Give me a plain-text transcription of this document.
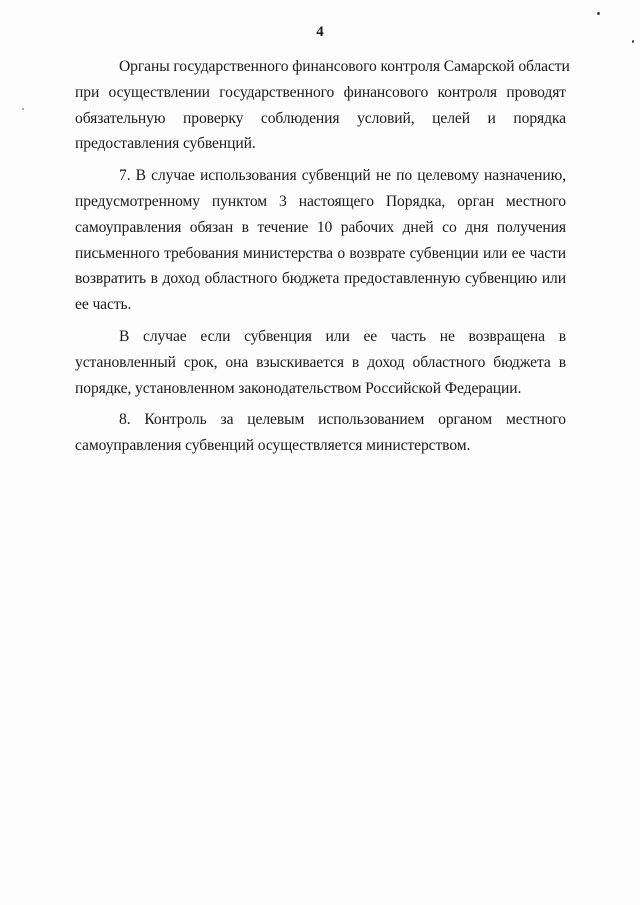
4

Органы государственного финансового контроля Самарской области
при осуществлении государственного финансового контроля проводят
обязательную проверку соблюдения условий, целей и порядка
предоставления субвенций.

7. В случае использования субвенций не по целевому назначению,
предусмотренному пунктом 3 настоящего Порядка, орган местного
самоуправления обязан в течение 10 рабочих дней со дня получения
письменного требования министерства о возврате субвенции или ее части
возвратить в доход областного бюджета предоставленную субвенцию или
ее часть.

В случае если субвенция или ее часть не возвращена в
установленный срок, она взыскивается в доход областного бюджета в
порядке, установленном законодательством Российской Федерации.

8. Контроль за целевым использованием органом местного
самоуправления субвенций осуществляется министерством.
